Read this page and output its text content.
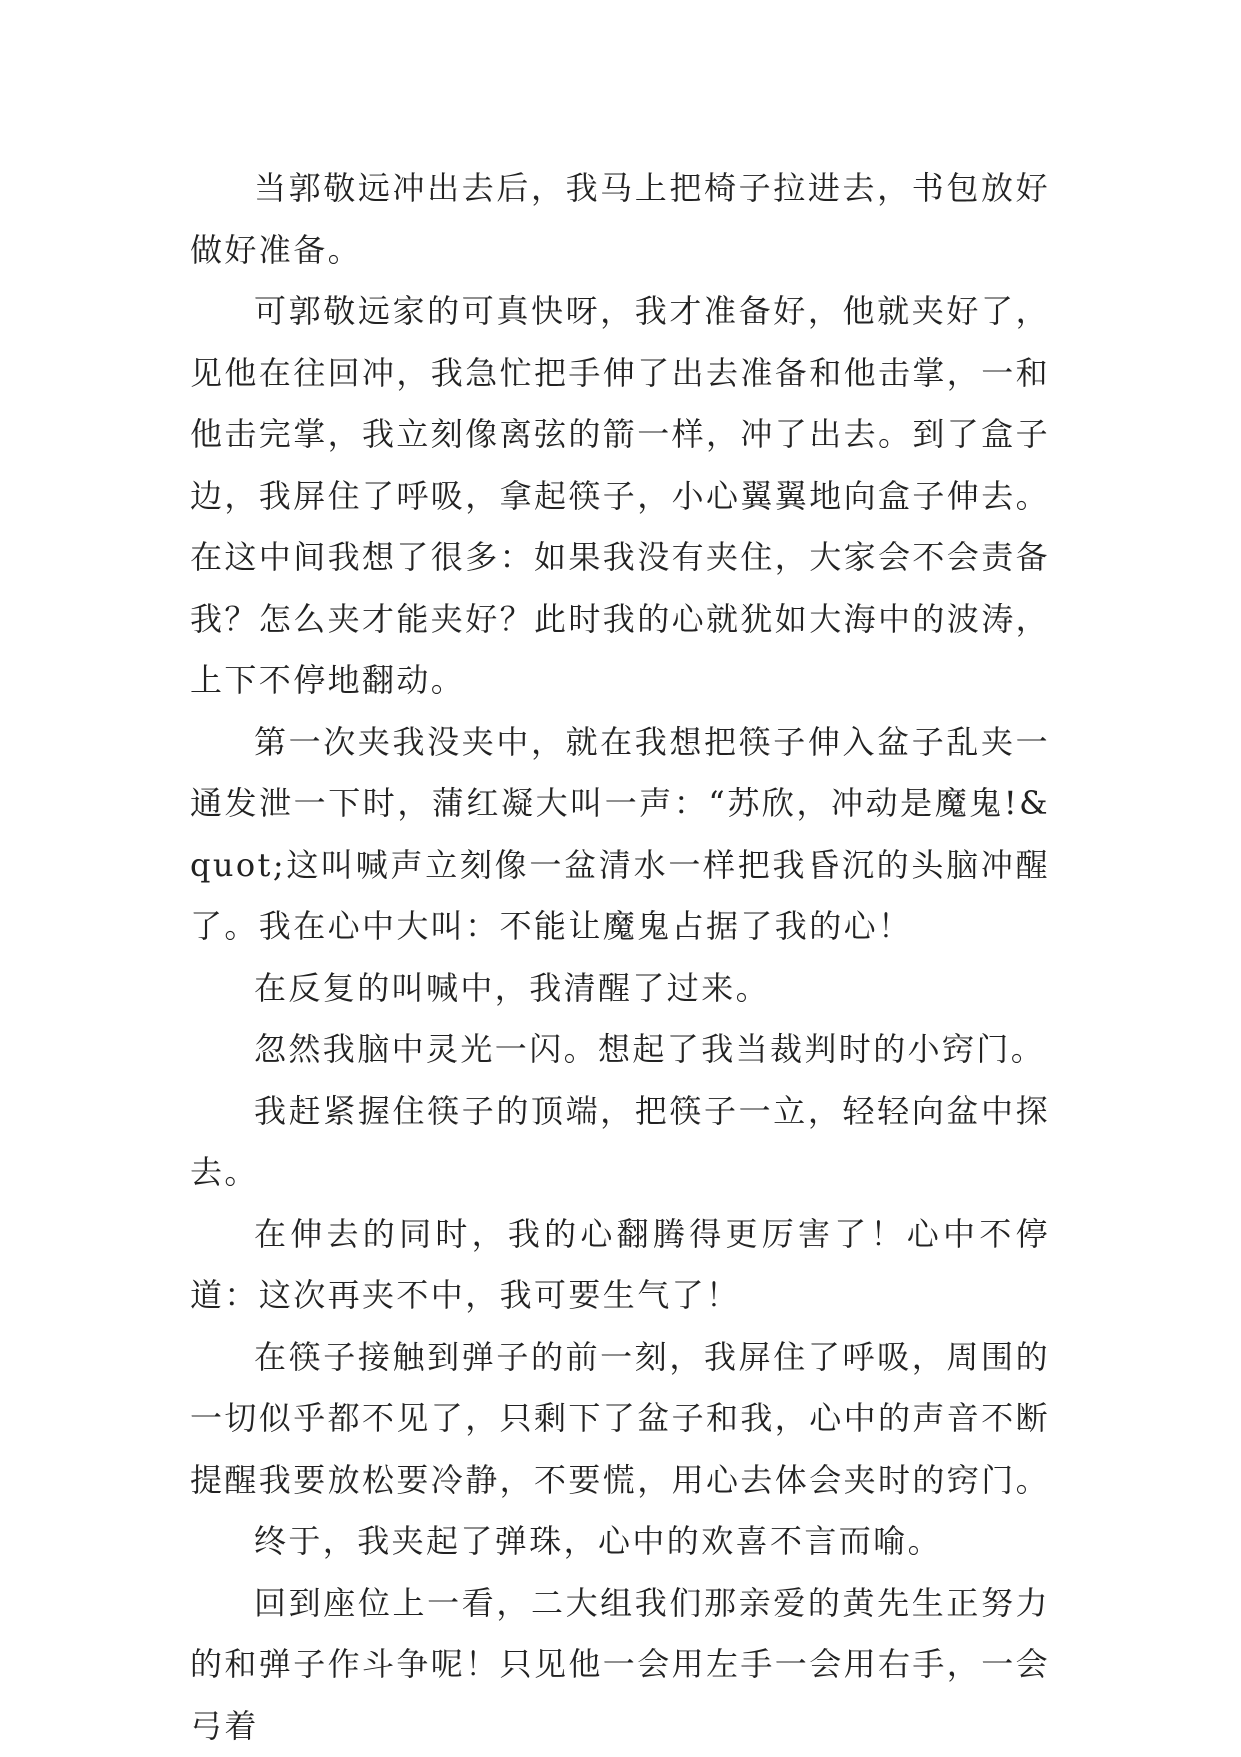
当郭敬远冲出去后，我马上把椅子拉进去，书包放好做好准备。

可郭敬远家的可真快呀，我才准备好，他就夹好了，见他在往回冲，我急忙把手伸了出去准备和他击掌，一和他击完掌，我立刻像离弦的箭一样，冲了出去。到了盒子边，我屏住了呼吸，拿起筷子，小心翼翼地向盒子伸去。在这中间我想了很多：如果我没有夹住，大家会不会责备我？怎么夹才能夹好？此时我的心就犹如大海中的波涛，上下不停地翻动。

第一次夹我没夹中，就在我想把筷子伸入盆子乱夹一通发泄一下时，蒲红凝大叫一声：“苏欣，冲动是魔鬼!&quot;这叫喊声立刻像一盆清水一样把我昏沉的头脑冲醒了。我在心中大叫：不能让魔鬼占据了我的心！

在反复的叫喊中，我清醒了过来。

忽然我脑中灵光一闪。想起了我当裁判时的小窍门。

我赶紧握住筷子的顶端，把筷子一立，轻轻向盆中探去。

在伸去的同时，我的心翻腾得更厉害了！心中不停道：这次再夹不中，我可要生气了！

在筷子接触到弹子的前一刻，我屏住了呼吸，周围的一切似乎都不见了，只剩下了盆子和我，心中的声音不断提醒我要放松要冷静，不要慌，用心去体会夹时的窍门。

终于，我夹起了弹珠，心中的欢喜不言而喻。

回到座位上一看，二大组我们那亲爱的黄先生正努力的和弹子作斗争呢！只见他一会用左手一会用右手，一会弓着
